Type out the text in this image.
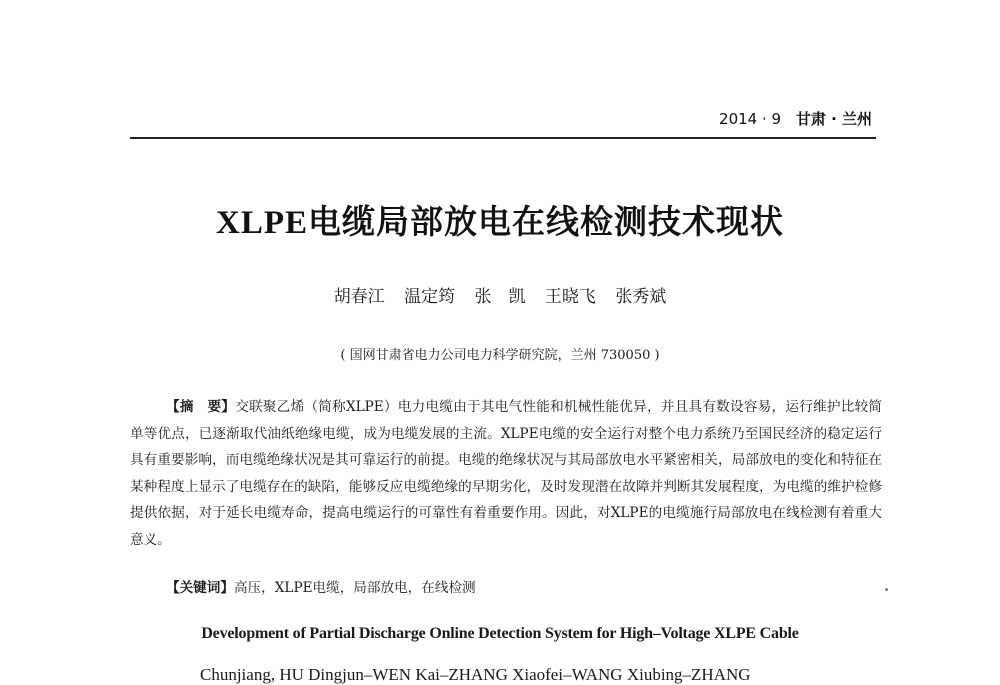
2014 · 9 甘肃 · 兰州
XLPE电缆局部放电在线检测技术现状
胡春江 温定筠 张　凯 王晓飞 张秀斌
( 国网甘肃省电力公司电力科学研究院，兰州 730050 )

【摘　要】交联聚乙烯（简称XLPE）电力电缆由于其电气性能和机械性能优异，并且具有数设容易，运行维护比较简单等优点，已逐渐取代油纸绝缘电缆，成为电缆发展的主流。XLPE电缆的安全运行对整个电力系统乃至国民经济的稳定运行具有重要影响，而电缆绝缘状况是其可靠运行的前提。电缆的绝缘状况与其局部放电水平紧密相关，局部放电的变化和特征在某种程度上显示了电缆存在的缺陷，能够反应电缆绝缘的早期劣化，及时发现潜在故障并判断其发展程度，为电缆的维护检修提供依据，对于延长电缆寿命，提高电缆运行的可靠性有着重要作用。因此，对XLPE的电缆施行局部放电在线检测有着重大意义。

【关键词】高压，XLPE电缆，局部放电，在线检测

Development of Partial Discharge Online Detection System for High–Voltage XLPE Cable
Chunjiang, HU Dingjun–WEN Kai–ZHANG Xiaofei–WANG Xiubing–ZHANG
